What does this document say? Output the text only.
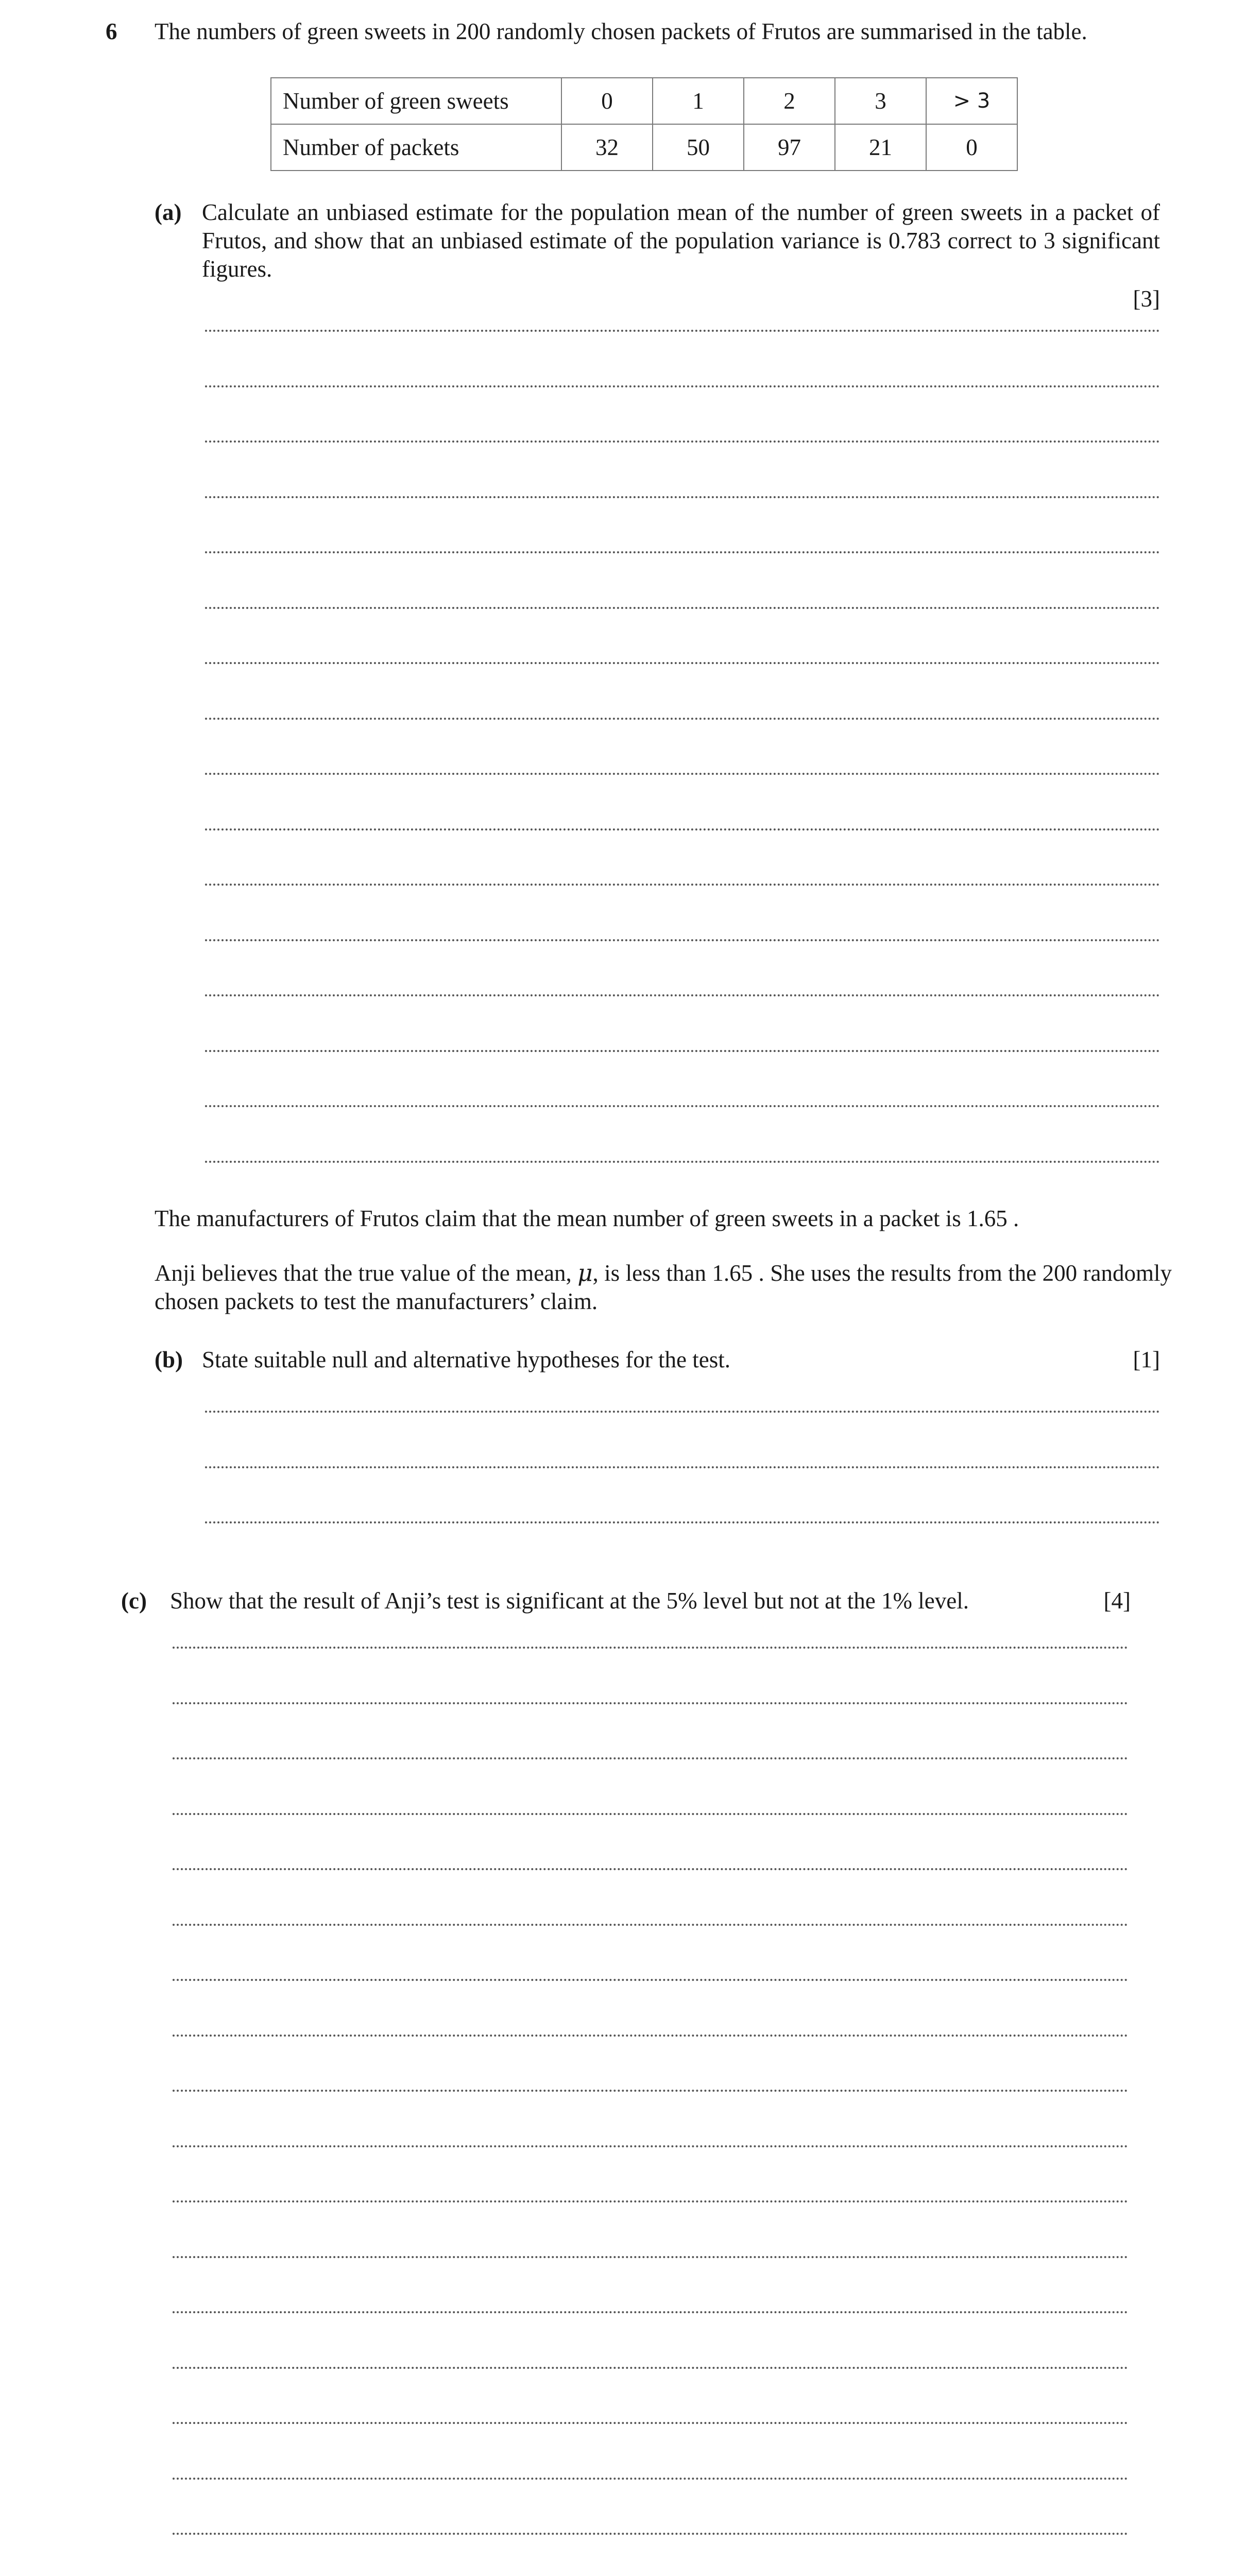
6 The numbers of green sweets in 200 randomly chosen packets of Frutos are summarised in the table.
Number of green sweets	0	1	2	3	> 3
Number of packets	32	50	97	21	0
(a) Calculate an unbiased estimate for the population mean of the number of green sweets in a packet of Frutos, and show that an unbiased estimate of the population variance is 0.783 correct to 3 significant figures.
[3]
The manufacturers of Frutos claim that the mean number of green sweets in a packet is 1.65 .
Anji believes that the true value of the mean, μ, is less than 1.65 . She uses the results from the 200 randomly chosen packets to test the manufacturers’ claim.
(b) State suitable null and alternative hypotheses for the test.	[1]
(c) Show that the result of Anji’s test is significant at the 5% level but not at the 1% level.	[4]
